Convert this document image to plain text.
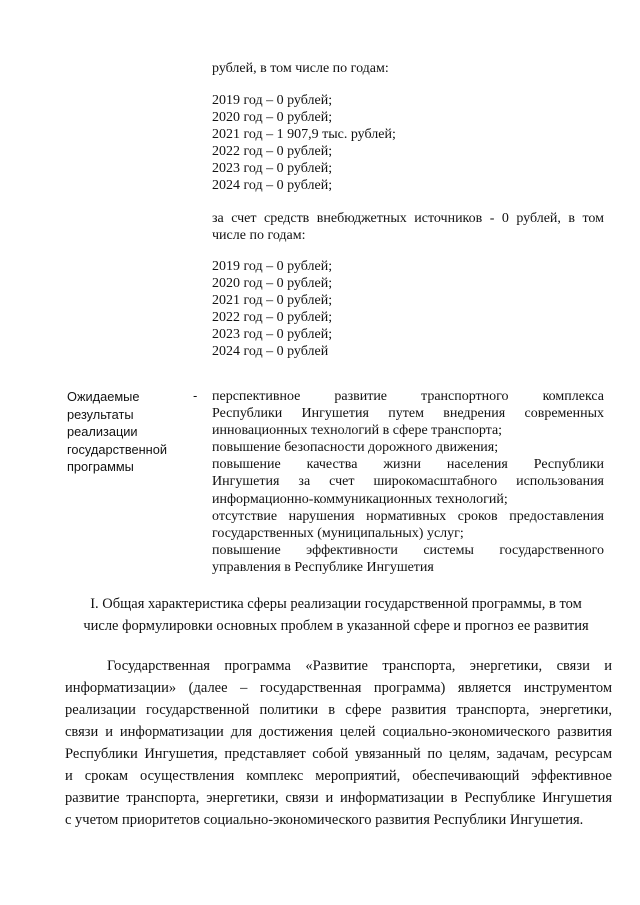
рублей, в том числе по годам:
2019 год – 0 рублей;
2020 год – 0 рублей;
2021 год – 1 907,9 тыс. рублей;
2022 год – 0 рублей;
2023 год – 0 рублей;
2024 год – 0 рублей;
за счет средств внебюджетных источников - 0 рублей, в том
числе по годам:
2019 год – 0 рублей;
2020 год – 0 рублей;
2021 год – 0 рублей;
2022 год – 0 рублей;
2023 год – 0 рублей;
2024 год – 0 рублей
Ожидаемые
результаты
реализации
государственной
программы
- перспективное развитие транспортного комплекса
Республики Ингушетия путем внедрения современных
инновационных технологий в сфере транспорта;
повышение безопасности дорожного движения;
повышение качества жизни населения Республики
Ингушетия за счет широкомасштабного использования
информационно-коммуникационных технологий;
отсутствие нарушения нормативных сроков предоставления
государственных (муниципальных) услуг;
повышение эффективности системы государственного
управления в Республике Ингушетия
I. Общая характеристика сферы реализации государственной программы, в том
числе формулировки основных проблем в указанной сфере и прогноз ее развития
Государственная программа «Развитие транспорта, энергетики, связи и
информатизации» (далее – государственная программа) является инструментом
реализации государственной политики в сфере развития транспорта, энергетики,
связи и информатизации для достижения целей социально-экономического развития
Республики Ингушетия, представляет собой увязанный по целям, задачам, ресурсам
и срокам осуществления комплекс мероприятий, обеспечивающий эффективное
развитие транспорта, энергетики, связи и информатизации в Республике Ингушетия
с учетом приоритетов социально-экономического развития Республики Ингушетия.
